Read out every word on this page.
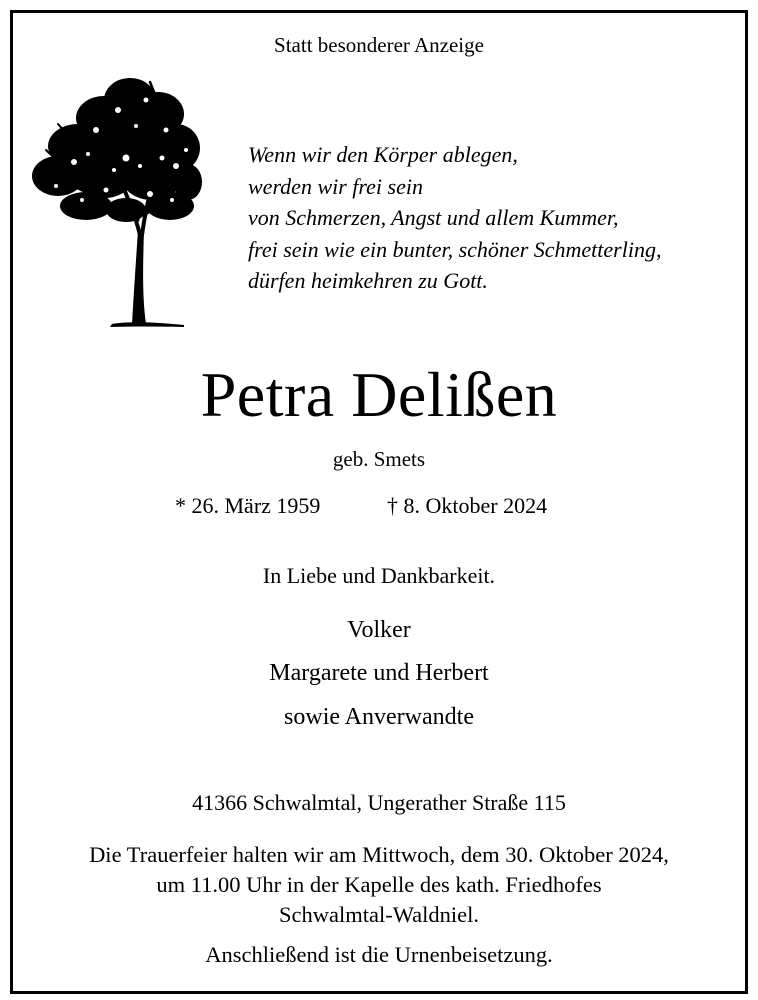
Statt besonderer Anzeige
Wenn wir den Körper ablegen,
werden wir frei sein
von Schmerzen, Angst und allem Kummer,
frei sein wie ein bunter, schöner Schmetterling,
dürfen heimkehren zu Gott.
Petra Delißen
geb. Smets
* 26. März 1959	† 8. Oktober 2024
In Liebe und Dankbarkeit.
Volker
Margarete und Herbert
sowie Anverwandte
41366 Schwalmtal, Ungerather Straße 115
Die Trauerfeier halten wir am Mittwoch, dem 30. Oktober 2024,
um 11.00 Uhr in der Kapelle des kath. Friedhofes
Schwalmtal-Waldniel.
Anschließend ist die Urnenbeisetzung.
